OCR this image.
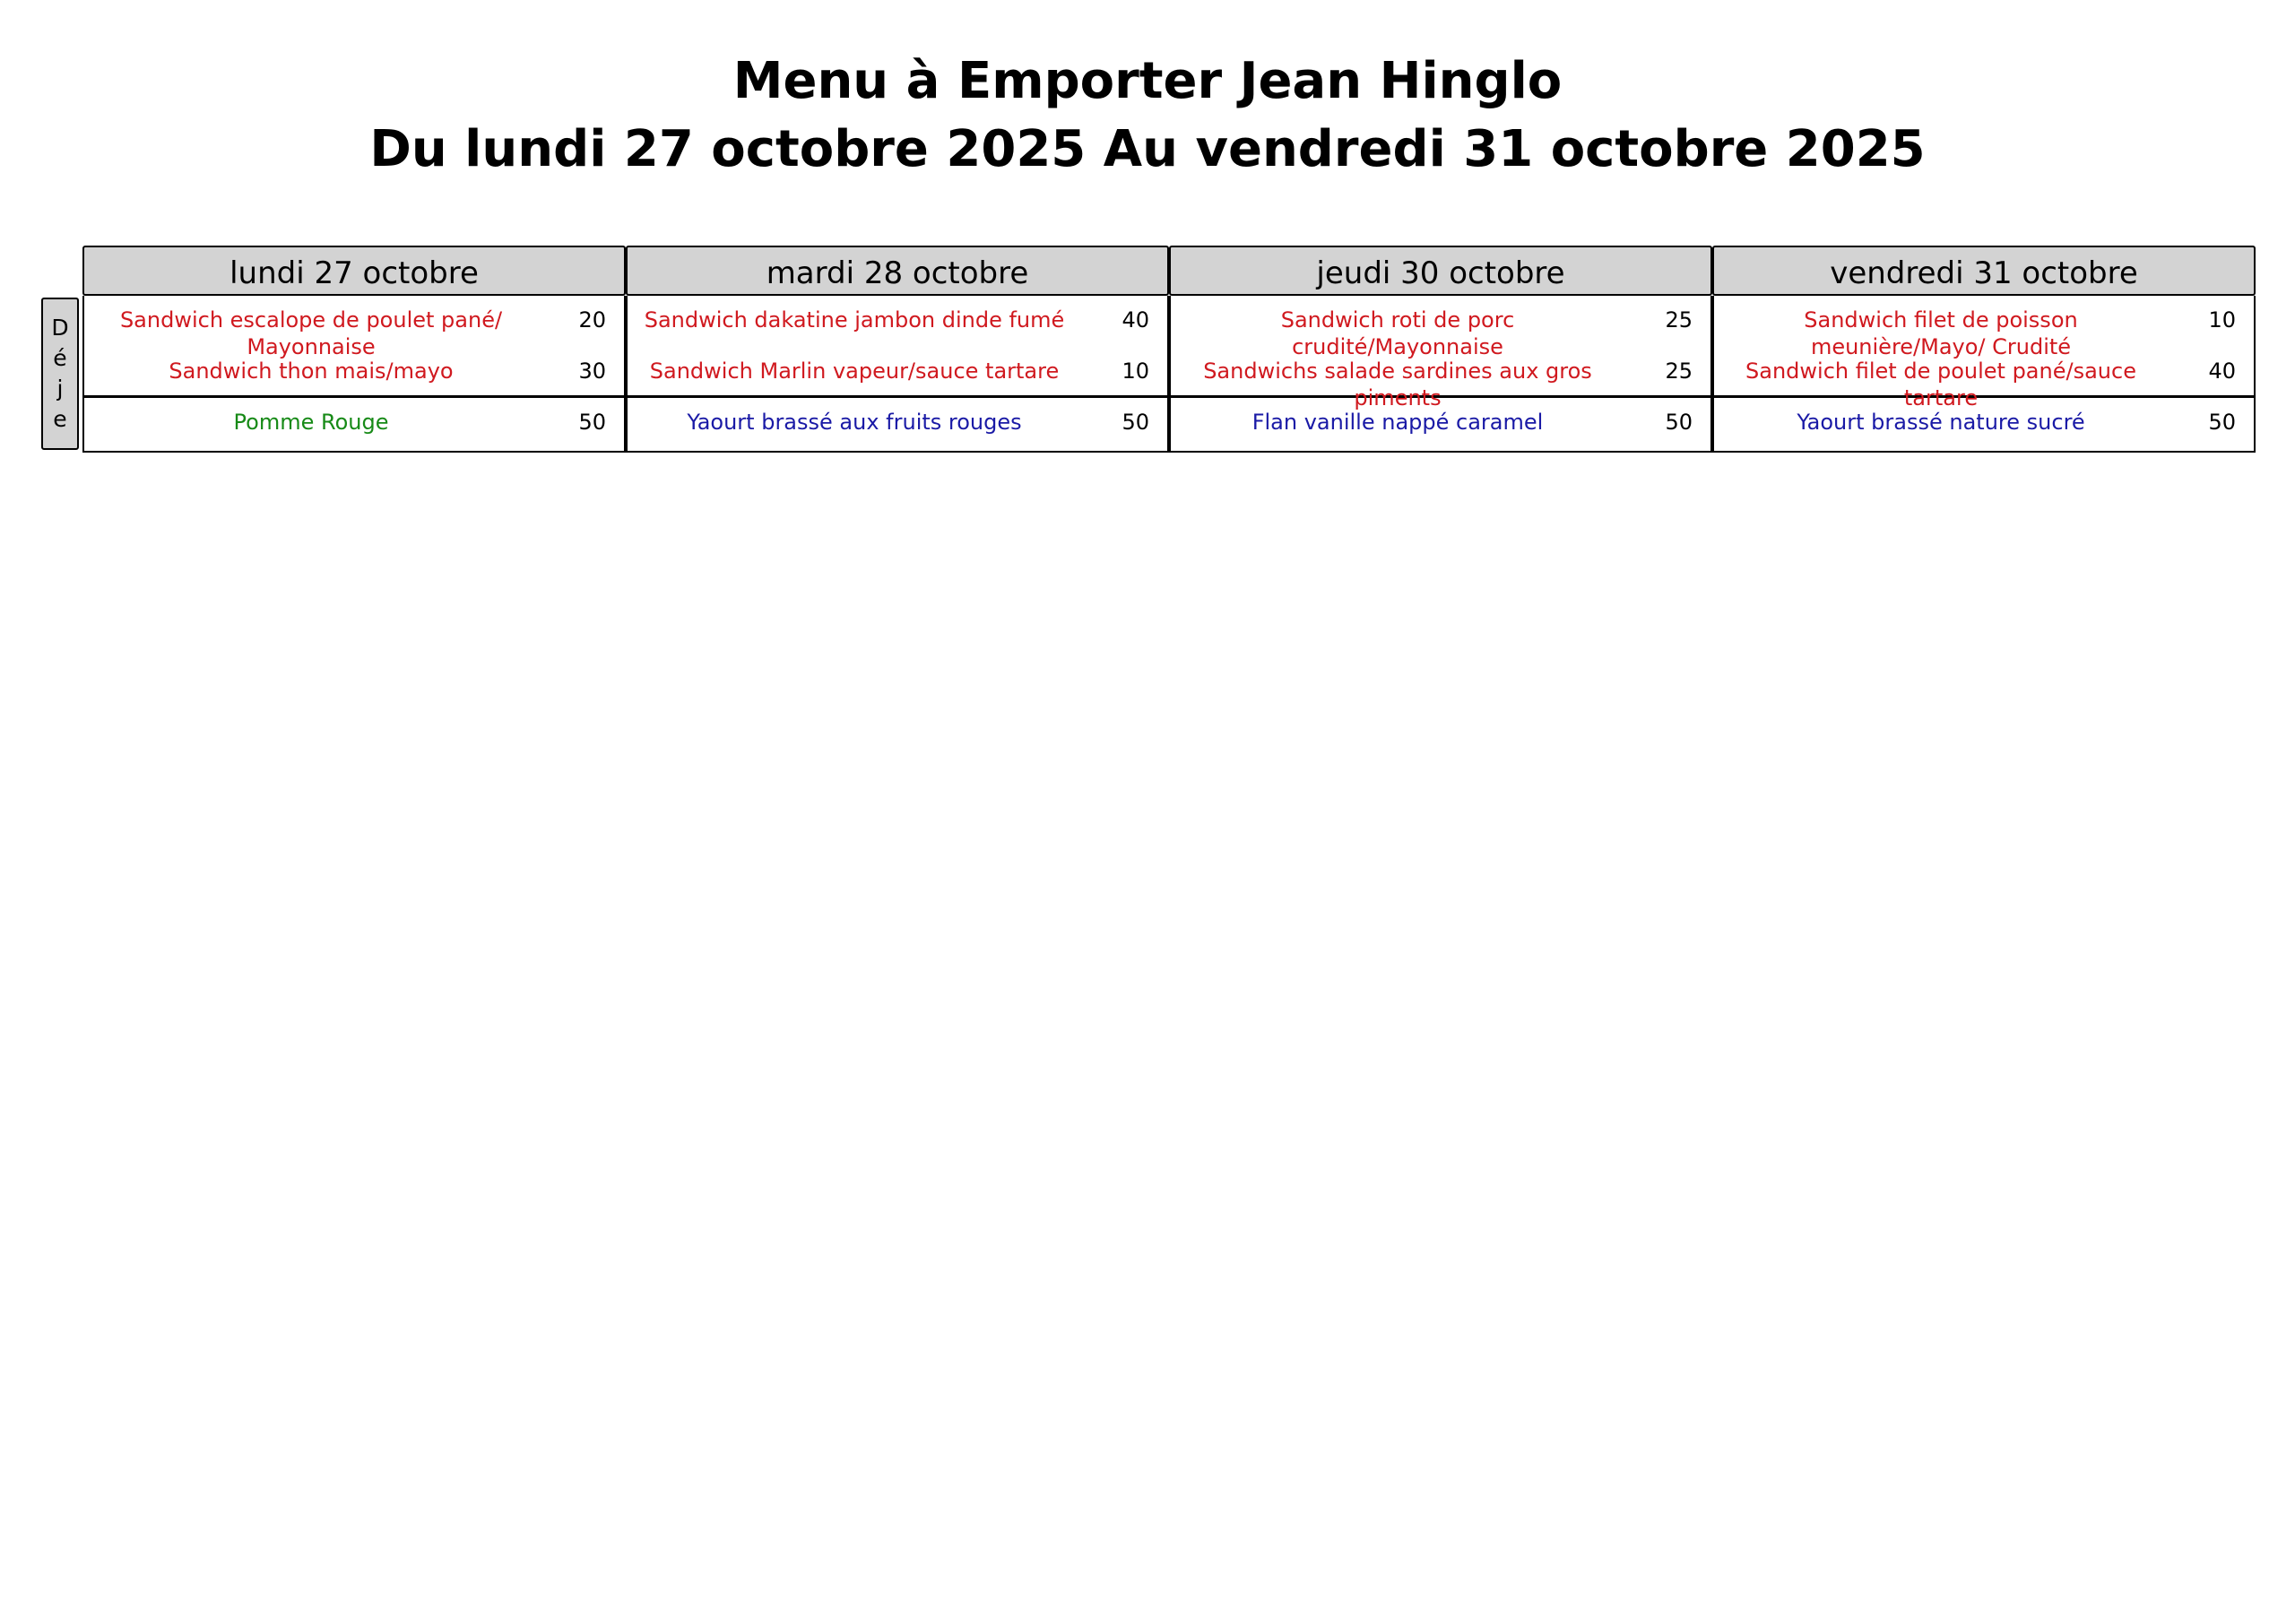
Menu à Emporter Jean Hinglo
Du lundi 27 octobre 2025 Au vendredi 31 octobre 2025
D
é
j
e
lundi 27 octobre
Sandwich escalope de poulet pané/ Mayonnaise
20
Sandwich thon mais/mayo	30
Pomme Rouge	50
mardi 28 octobre
Sandwich dakatine jambon dinde fumé	40
Sandwich Marlin vapeur/sauce tartare	10
Yaourt brassé aux fruits rouges	50
jeudi 30 octobre
Sandwich roti de porc crudité/Mayonnaise
25
Sandwichs salade sardines aux gros piments
25
Flan vanille nappé caramel	50
vendredi 31 octobre
Sandwich filet de poisson meunière/Mayo/ Crudité
10
Sandwich filet de poulet pané/sauce tartare
40
Yaourt brassé nature sucré	50
